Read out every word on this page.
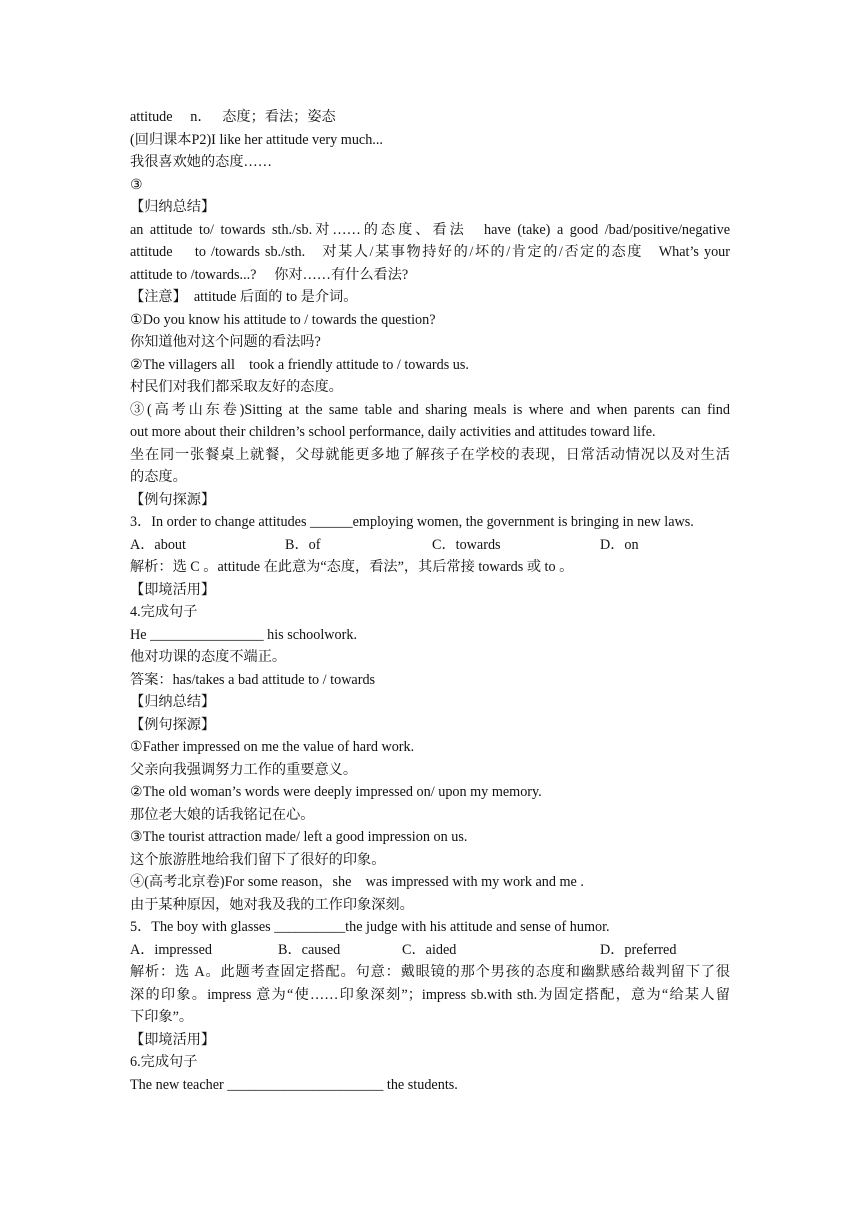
attitude　 n．　 态度；看法；姿态
(回归课本P2)I like her attitude very much...
我很喜欢她的态度……
③
【归纳总结】
an attitude to/ towards sth./sb.对……的态度、看法　have (take) a good /bad/positive/negative
attitude　 to /towards sb./sth.　对某人/某事物持好的/坏的/肯定的/否定的态度　What’s your
attitude to /towards...?　 你对……有什么看法?
【注意】　attitude 后面的 to 是介词。
①Do you know his attitude to / towards the question?
你知道他对这个问题的看法吗?
②The villagers all　took a friendly attitude to / towards us.
村民们对我们都采取友好的态度。
③(高考山东卷)Sitting at the same table and sharing meals is where and when parents can find
out more about their children’s school performance, daily activities and attitudes toward life.
坐在同一张餐桌上就餐，父母就能更多地了解孩子在学校的表现，日常活动情况以及对生活
的态度。
【例句探源】
3．In order to change attitudes ______employing women, the government is bringing in new laws.
A．about	B．of	C．towards	D．on
解析：选 C 。attitude 在此意为“态度，看法”，其后常接 towards 或 to 。
【即境活用】
4.完成句子
He ________________ his schoolwork.
他对功课的态度不端正。
答案：has/takes a bad attitude to / towards
【归纳总结】
【例句探源】
①Father impressed on me the value of hard work.
父亲向我强调努力工作的重要意义。
②The old woman’s words were deeply impressed on/ upon my memory.
那位老大娘的话我铭记在心。
③The tourist attraction made/ left a good impression on us.
这个旅游胜地给我们留下了很好的印象。
④(高考北京卷)For some reason，she　was impressed with my work and me .
由于某种原因，她对我及我的工作印象深刻。
5．The boy with glasses __________the judge with his attitude and sense of humor.
A．impressed	B．caused	C．aided	D．preferred
解析：选 A。此题考查固定搭配。句意：戴眼镜的那个男孩的态度和幽默感给裁判留下了很
深的印象。impress 意为“使……印象深刻”；impress sb.with sth.为固定搭配，意为“给某人留
下印象”。
【即境活用】
6.完成句子
The new teacher ______________________ the students.
